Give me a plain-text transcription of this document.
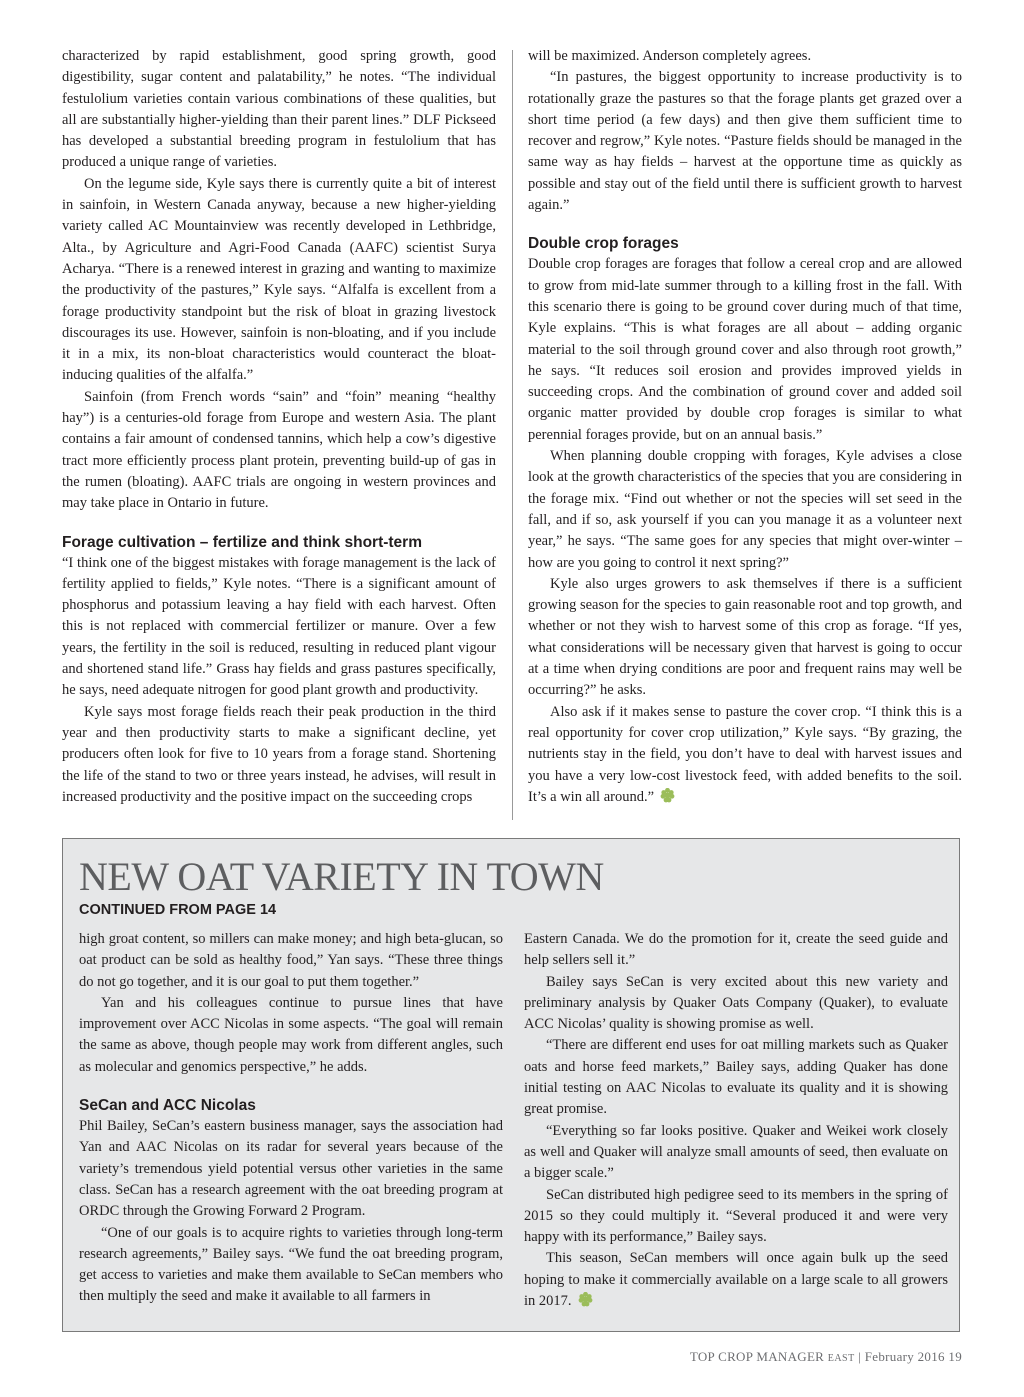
characterized by rapid establishment, good spring growth, good digestibility, sugar content and palatability,” he notes. “The individual festulolium varieties contain various combinations of these qualities, but all are substantially higher-yielding than their parent lines.” DLF Pickseed has developed a substantial breeding program in festulolium that has produced a unique range of varieties.

On the legume side, Kyle says there is currently quite a bit of interest in sainfoin, in Western Canada anyway, because a new higher-yielding variety called AC Mountainview was recently developed in Lethbridge, Alta., by Agriculture and Agri-Food Canada (AAFC) scientist Surya Acharya. “There is a renewed interest in grazing and wanting to maximize the productivity of the pastures,” Kyle says. “Alfalfa is excellent from a forage productivity standpoint but the risk of bloat in grazing livestock discourages its use. However, sainfoin is non-bloating, and if you include it in a mix, its non-bloat characteristics would counteract the bloat-inducing qualities of the alfalfa.”

Sainfoin (from French words “sain” and “foin” meaning “healthy hay”) is a centuries-old forage from Europe and western Asia. The plant contains a fair amount of condensed tannins, which help a cow’s digestive tract more efficiently process plant protein, preventing build-up of gas in the rumen (bloating). AAFC trials are ongoing in western provinces and may take place in Ontario in future.

Forage cultivation – fertilize and think short-term

“I think one of the biggest mistakes with forage management is the lack of fertility applied to fields,” Kyle notes. “There is a significant amount of phosphorus and potassium leaving a hay field with each harvest. Often this is not replaced with commercial fertilizer or manure. Over a few years, the fertility in the soil is reduced, resulting in reduced plant vigour and shortened stand life.” Grass hay fields and grass pastures specifically, he says, need adequate nitrogen for good plant growth and productivity.

Kyle says most forage fields reach their peak production in the third year and then productivity starts to make a significant decline, yet producers often look for five to 10 years from a forage stand. Shortening the life of the stand to two or three years instead, he advises, will result in increased productivity and the positive impact on the succeeding crops

will be maximized. Anderson completely agrees.

“In pastures, the biggest opportunity to increase productivity is to rotationally graze the pastures so that the forage plants get grazed over a short time period (a few days) and then give them sufficient time to recover and regrow,” Kyle notes. “Pasture fields should be managed in the same way as hay fields – harvest at the opportune time as quickly as possible and stay out of the field until there is sufficient growth to harvest again.”

Double crop forages

Double crop forages are forages that follow a cereal crop and are allowed to grow from mid-late summer through to a killing frost in the fall. With this scenario there is going to be ground cover during much of that time, Kyle explains. “This is what forages are all about – adding organic material to the soil through ground cover and also through root growth,” he says. “It reduces soil erosion and provides improved yields in succeeding crops. And the combination of ground cover and added soil organic matter provided by double crop forages is similar to what perennial forages provide, but on an annual basis.”

When planning double cropping with forages, Kyle advises a close look at the growth characteristics of the species that you are considering in the forage mix. “Find out whether or not the species will set seed in the fall, and if so, ask yourself if you can you manage it as a volunteer next year,” he says. “The same goes for any species that might over-winter – how are you going to control it next spring?”

Kyle also urges growers to ask themselves if there is a sufficient growing season for the species to gain reasonable root and top growth, and whether or not they wish to harvest some of this crop as forage. “If yes, what considerations will be necessary given that harvest is going to occur at a time when drying conditions are poor and frequent rains may well be occurring?” he asks.

Also ask if it makes sense to pasture the cover crop. “I think this is a real opportunity for cover crop utilization,” Kyle says. “By grazing, the nutrients stay in the field, you don’t have to deal with harvest issues and you have a very low-cost livestock feed, with added benefits to the soil. It’s a win all around.”

NEW OAT VARIETY IN TOWN
CONTINUED FROM PAGE 14

high groat content, so millers can make money; and high beta-glucan, so oat product can be sold as healthy food,” Yan says. “These three things do not go together, and it is our goal to put them together.”

Yan and his colleagues continue to pursue lines that have improvement over ACC Nicolas in some aspects. “The goal will remain the same as above, though people may work from different angles, such as molecular and genomics perspective,” he adds.

SeCan and ACC Nicolas

Phil Bailey, SeCan’s eastern business manager, says the association had Yan and AAC Nicolas on its radar for several years because of the variety’s tremendous yield potential versus other varieties in the same class. SeCan has a research agreement with the oat breeding program at ORDC through the Growing Forward 2 Program.

“One of our goals is to acquire rights to varieties through long-term research agreements,” Bailey says. “We fund the oat breeding program, get access to varieties and make them available to SeCan members who then multiply the seed and make it available to all farmers in

Eastern Canada. We do the promotion for it, create the seed guide and help sellers sell it.”

Bailey says SeCan is very excited about this new variety and preliminary analysis by Quaker Oats Company (Quaker), to evaluate ACC Nicolas’ quality is showing promise as well.

“There are different end uses for oat milling markets such as Quaker oats and horse feed markets,” Bailey says, adding Quaker has done initial testing on AAC Nicolas to evaluate its quality and it is showing great promise.

“Everything so far looks positive. Quaker and Weikei work closely as well and Quaker will analyze small amounts of seed, then evaluate on a bigger scale.”

SeCan distributed high pedigree seed to its members in the spring of 2015 so they could multiply it. “Several produced it and were very happy with its performance,” Bailey says.

This season, SeCan members will once again bulk up the seed hoping to make it commercially available on a large scale to all growers in 2017.

TOP CROP MANAGER EAST | February 2016 19
